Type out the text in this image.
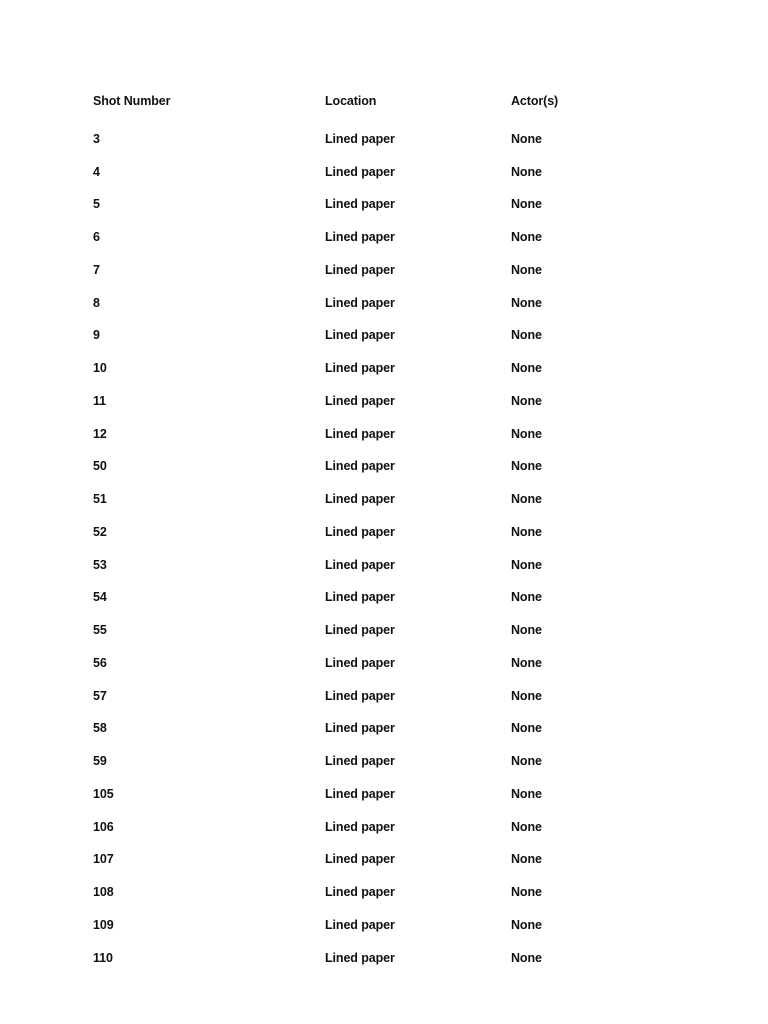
Shot Number	Location	Actor(s)
3	Lined paper	None
4	Lined paper	None
5	Lined paper	None
6	Lined paper	None
7	Lined paper	None
8	Lined paper	None
9	Lined paper	None
10	Lined paper	None
11	Lined paper	None
12	Lined paper	None
50	Lined paper	None
51	Lined paper	None
52	Lined paper	None
53	Lined paper	None
54	Lined paper	None
55	Lined paper	None
56	Lined paper	None
57	Lined paper	None
58	Lined paper	None
59	Lined paper	None
105	Lined paper	None
106	Lined paper	None
107	Lined paper	None
108	Lined paper	None
109	Lined paper	None
110	Lined paper	None
